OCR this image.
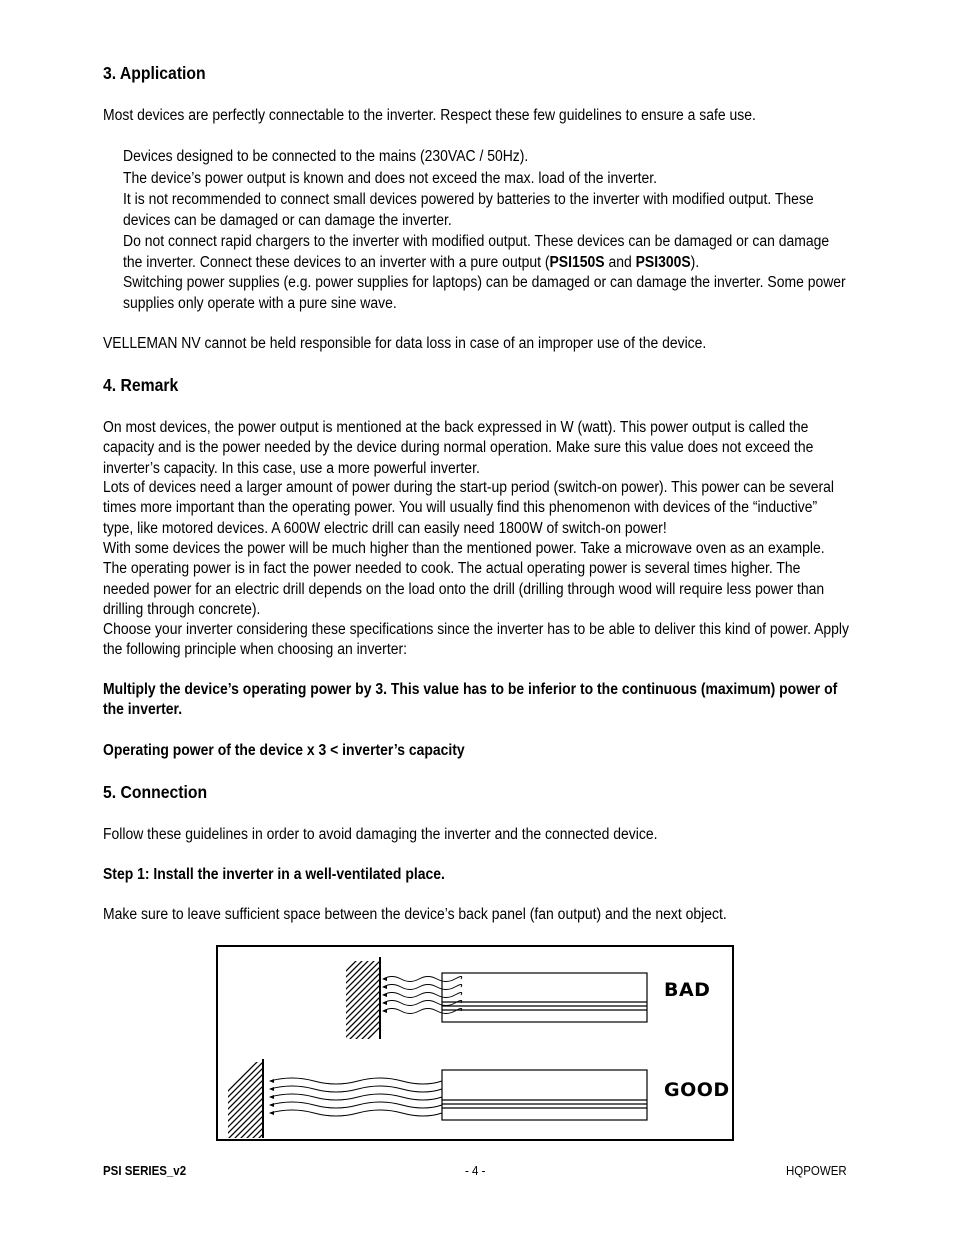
3. Application

Most devices are perfectly connectable to the inverter. Respect these few guidelines to ensure a safe use.

Devices designed to be connected to the mains (230VAC / 50Hz).

The device’s power output is known and does not exceed the max. load of the inverter.

It is not recommended to connect small devices powered by batteries to the inverter with modified output. These devices can be damaged or can damage the inverter.

Do not connect rapid chargers to the inverter with modified output. These devices can be damaged or can damage the inverter. Connect these devices to an inverter with a pure output (PSI150S and PSI300S).

Switching power supplies (e.g. power supplies for laptops) can be damaged or can damage the inverter. Some power supplies only operate with a pure sine wave.

VELLEMAN NV cannot be held responsible for data loss in case of an improper use of the device.

4. Remark

On most devices, the power output is mentioned at the back expressed in W (watt). This power output is called the capacity and is the power needed by the device during normal operation. Make sure this value does not exceed the inverter’s capacity. In this case, use a more powerful inverter.

Lots of devices need a larger amount of power during the start-up period (switch-on power). This power can be several times more important than the operating power. You will usually find this phenomenon with devices of the “inductive” type, like motored devices. A 600W electric drill can easily need 1800W of switch-on power!

With some devices the power will be much higher than the mentioned power. Take a microwave oven as an example. The operating power is in fact the power needed to cook. The actual operating power is several times higher. The needed power for an electric drill depends on the load onto the drill (drilling through wood will require less power than drilling through concrete).

Choose your inverter considering these specifications since the inverter has to be able to deliver this kind of power. Apply the following principle when choosing an inverter:

Multiply the device’s operating power by 3. This value has to be inferior to the continuous (maximum) power of the inverter.

Operating power of the device x 3 < inverter’s capacity

5. Connection

Follow these guidelines in order to avoid damaging the inverter and the connected device.

Step 1: Install the inverter in a well-ventilated place.

Make sure to leave sufficient space between the device’s back panel (fan output) and the next object.

BAD
GOOD
PSI SERIES_v2	- 4 -	HQPOWER
